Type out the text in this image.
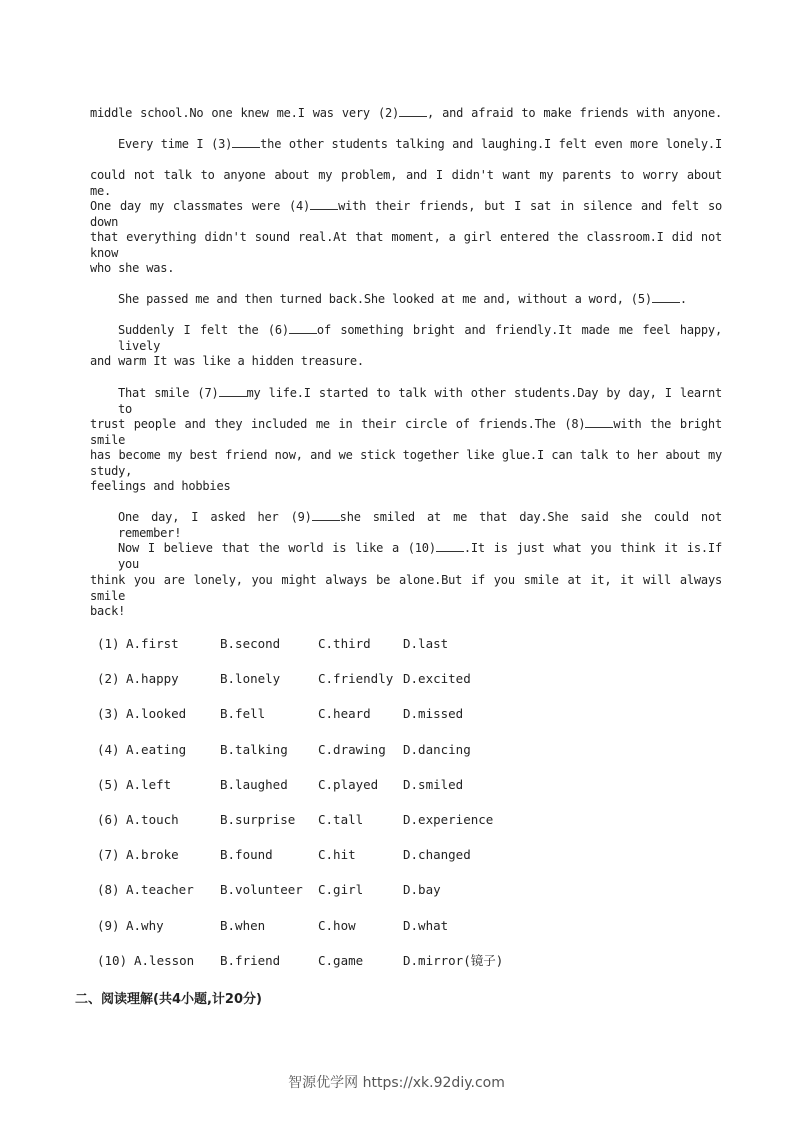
middle school.No one knew me.I was very (2) , and afraid to make friends with anyone.
Every time I (3) the other students talking and laughing.I felt even more lonely.I
could not talk to anyone about my problem, and I didn't want my parents to worry about me.
One day my classmates were (4) with their friends, but I sat in silence and felt so down
that everything didn't sound real.At that moment, a girl entered the classroom.I did not know
who she was.
She passed me and then turned back.She looked at me and, without a word, (5) .
Suddenly I felt the (6) of something bright and friendly.It made me feel happy, lively
and warm It was like a hidden treasure.
That smile (7) my life.I started to talk with other students.Day by day, I learnt to
trust people and they included me in their circle of friends.The (8) with the bright smile
has become my best friend now, and we stick together like glue.I can talk to her about my study,
feelings and hobbies
One day, I asked her (9) she smiled at me that day.She said she could not remember!
Now I believe that the world is like a (10) .It is just what you think it is.If you
think you are lonely, you might always be alone.But if you smile at it, it will always smile
back!
(1) A.first	B.second	C.third	D.last
(2) A.happy	B.lonely	C.friendly D.excited
(3) A.looked	B.fell	C.heard	D.missed
(4) A.eating	B.talking C.drawing D.dancing
(5) A.left	B.laughed C.played D.smiled
(6) A.touch	B.surprise C.tall	D.experience
(7) A.broke	B.found	C.hit	D.changed
(8) A.teacher B.volunteer C.girl	D.bay
(9) A.why	B.when	C.how	D.what
(10) A.lesson B.friend	C.game	D.mirror(镜子)
二、阅读理解(共4小题,计20分)
智源优学网 https://xk.92diy.com
